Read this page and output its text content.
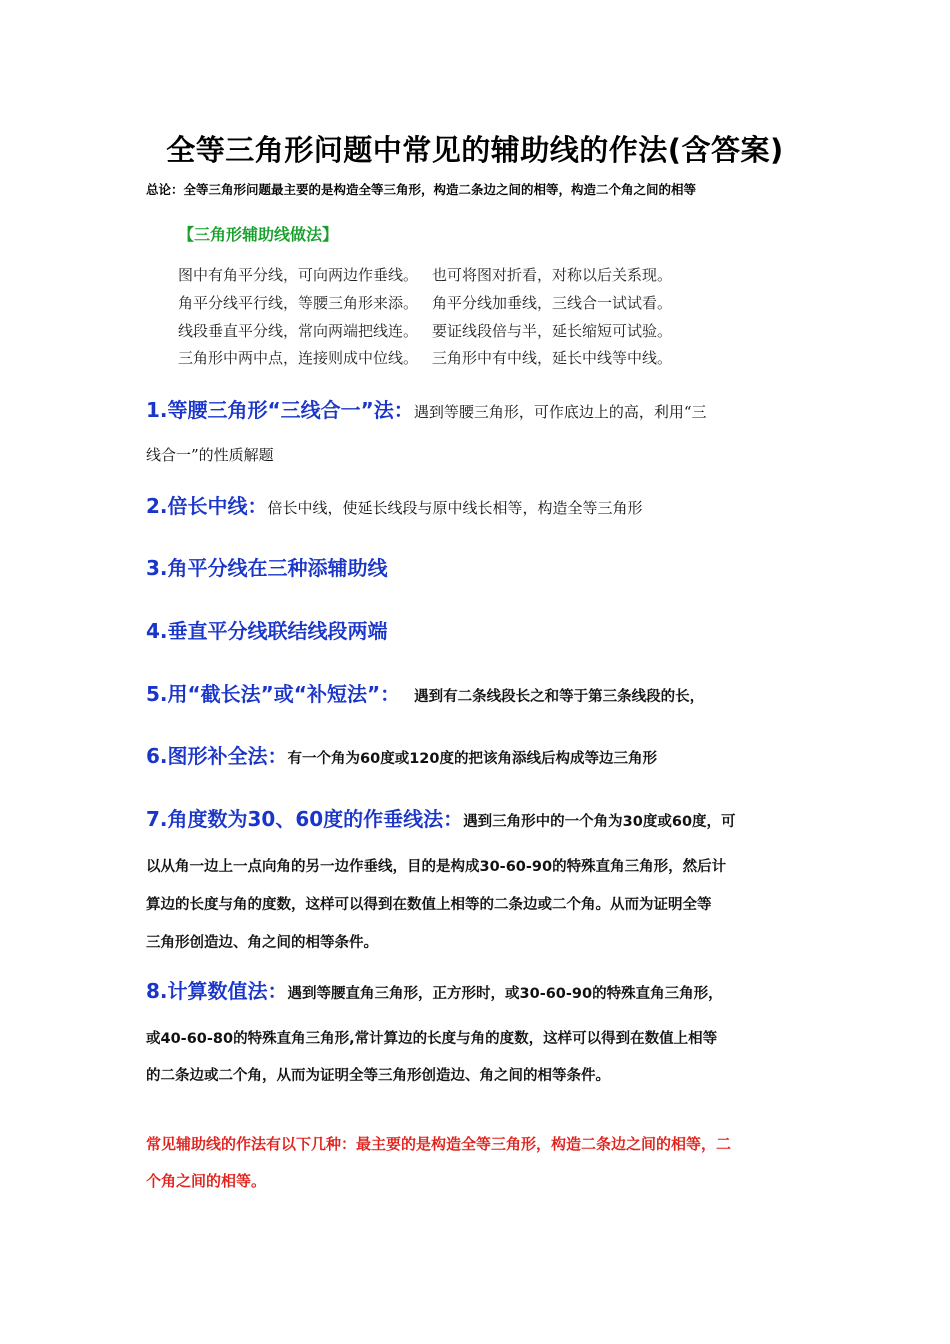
全等三角形问题中常见的辅助线的作法(含答案)
总论：全等三角形问题最主要的是构造全等三角形，构造二条边之间的相等，构造二个角之间的相等
【三角形辅助线做法】
图中有角平分线，可向两边作垂线。 也可将图对折看，对称以后关系现。
角平分线平行线，等腰三角形来添。 角平分线加垂线，三线合一试试看。
线段垂直平分线，常向两端把线连。 要证线段倍与半，延长缩短可试验。
三角形中两中点，连接则成中位线。 三角形中有中线，延长中线等中线。
1.等腰三角形“三线合一”法：遇到等腰三角形，可作底边上的高，利用“三
线合一”的性质解题
2.倍长中线：倍长中线，使延长线段与原中线长相等，构造全等三角形
3.角平分线在三种添辅助线
4.垂直平分线联结线段两端
5.用“截长法”或“补短法”： 遇到有二条线段长之和等于第三条线段的长，
6.图形补全法：有一个角为60度或120度的把该角添线后构成等边三角形
7.角度数为30、60度的作垂线法：遇到三角形中的一个角为30度或60度，可
以从角一边上一点向角的另一边作垂线，目的是构成30-60-90的特殊直角三角形，然后计
算边的长度与角的度数，这样可以得到在数值上相等的二条边或二个角。从而为证明全等
三角形创造边、角之间的相等条件。
8.计算数值法：遇到等腰直角三角形，正方形时，或30-60-90的特殊直角三角形，
或40-60-80的特殊直角三角形,常计算边的长度与角的度数，这样可以得到在数值上相等
的二条边或二个角，从而为证明全等三角形创造边、角之间的相等条件。
常见辅助线的作法有以下几种：最主要的是构造全等三角形，构造二条边之间的相等，二
个角之间的相等。
